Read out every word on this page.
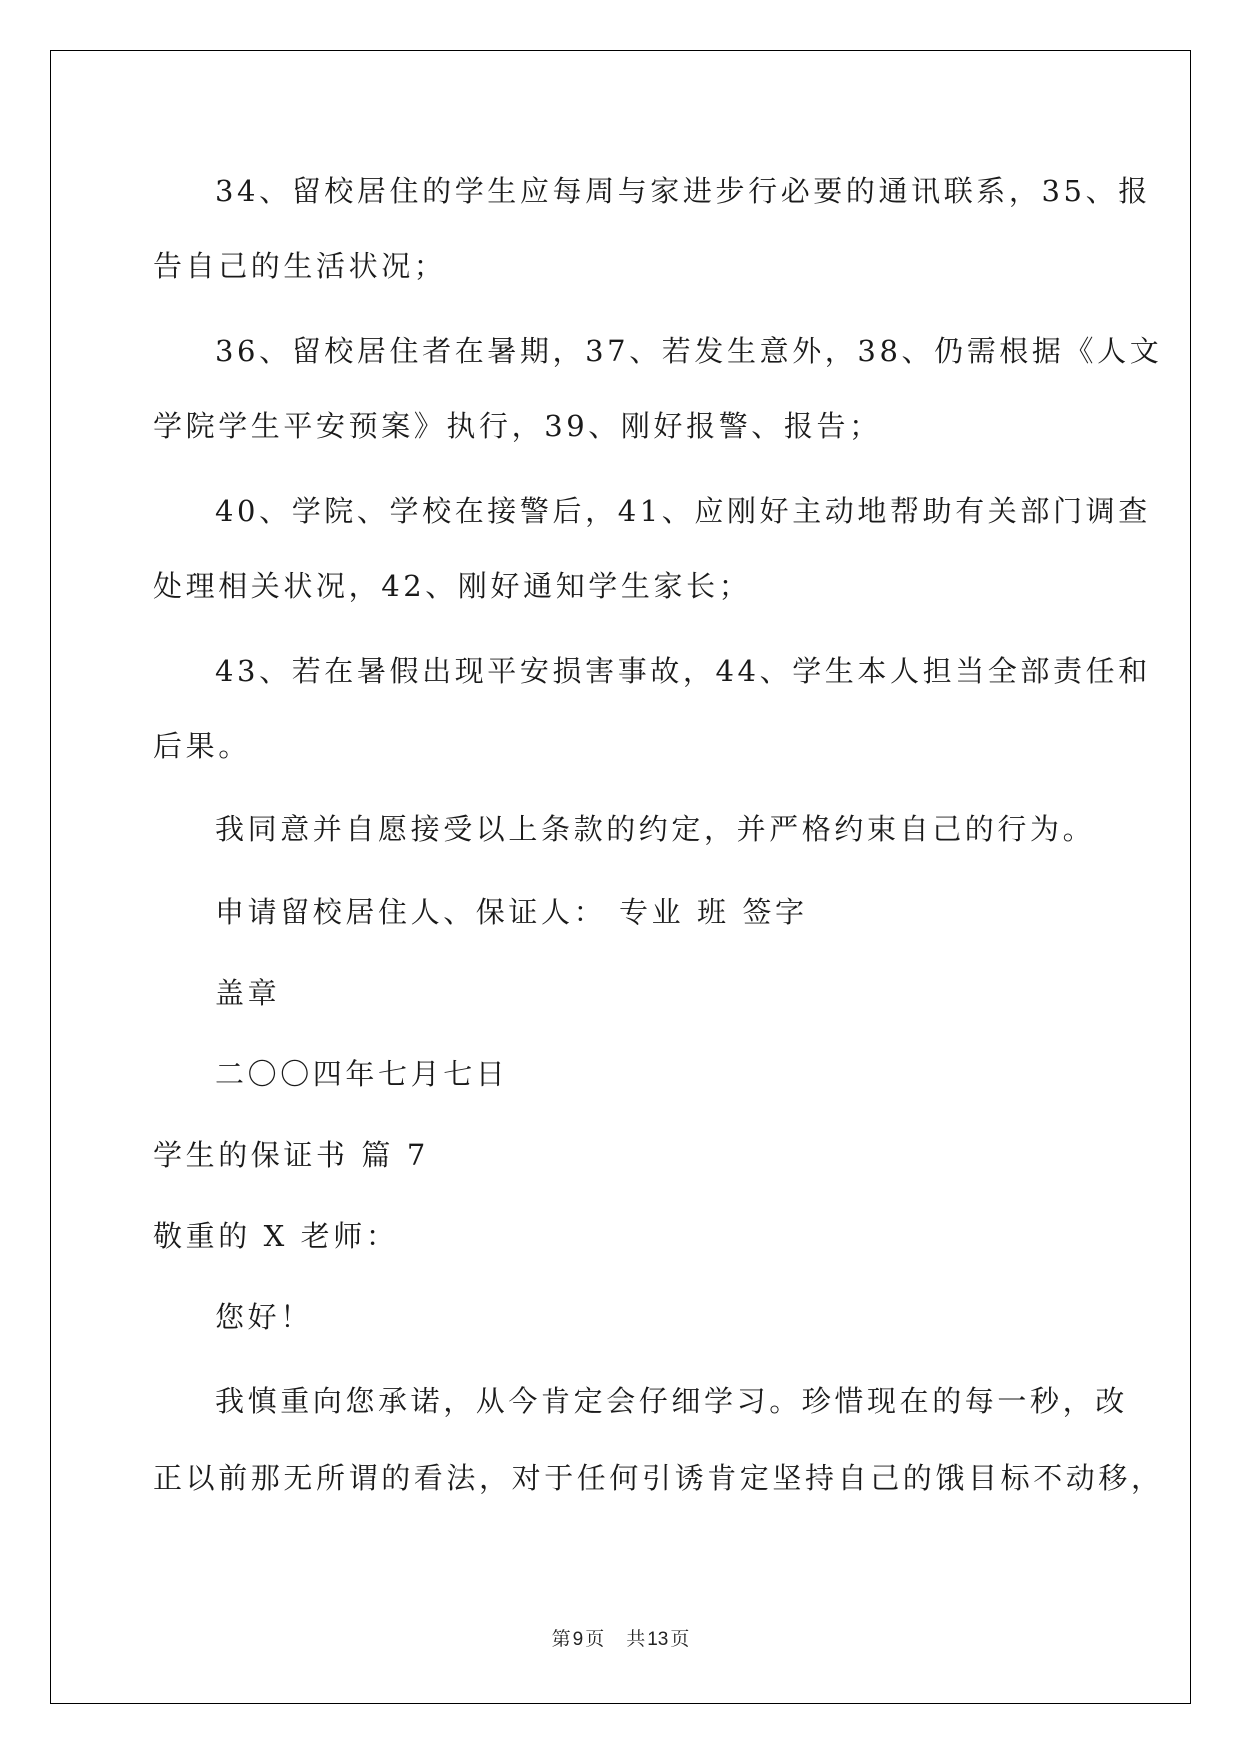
34、留校居住的学生应每周与家进步行必要的通讯联系，35、报
告自己的生活状况；
36、留校居住者在暑期，37、若发生意外，38、仍需根据《人文
学院学生平安预案》执行，39、刚好报警、报告；
40、学院、学校在接警后，41、应刚好主动地帮助有关部门调查
处理相关状况，42、刚好通知学生家长；
43、若在暑假出现平安损害事故，44、学生本人担当全部责任和
后果。
我同意并自愿接受以上条款的约定，并严格约束自己的行为。
申请留校居住人、保证人： 专业 班 签字
盖章
二〇〇四年七月七日
学生的保证书 篇 7
敬重的 X 老师：
您好！
我慎重向您承诺，从今肯定会仔细学习。珍惜现在的每一秒，改
正以前那无所谓的看法，对于任何引诱肯定坚持自己的饿目标不动移，
第 9 页 共 13 页
